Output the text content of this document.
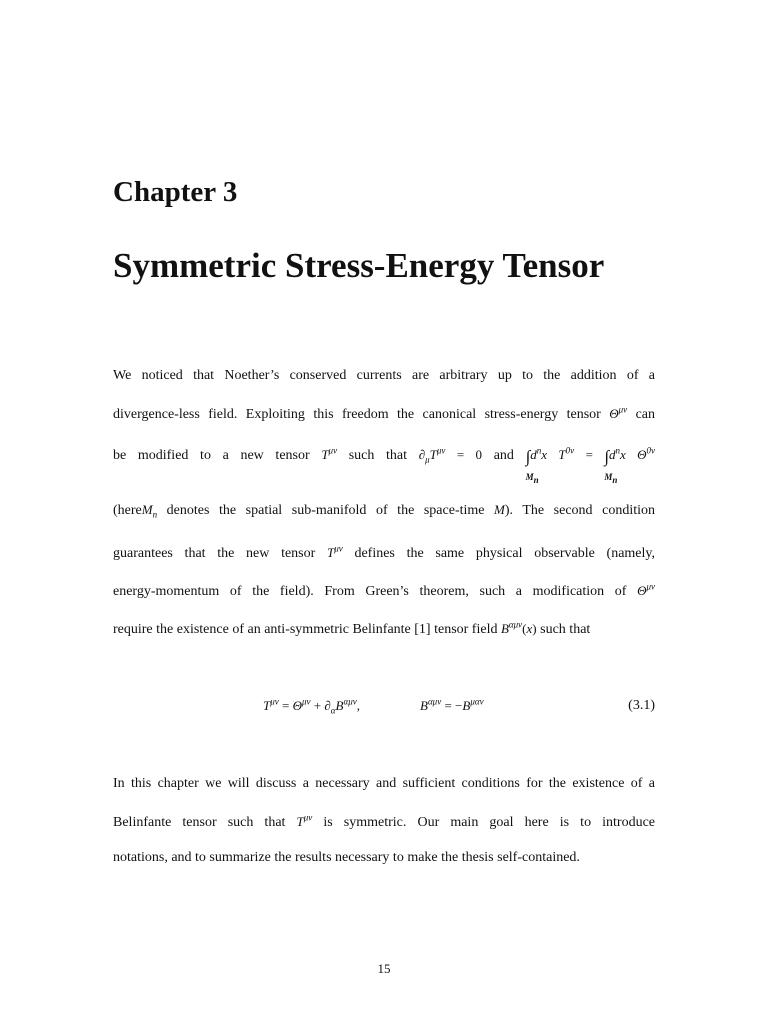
Chapter 3
Symmetric Stress-Energy Tensor
We noticed that Noether’s conserved currents are arbitrary up to the addition of a
divergence-less field. Exploiting this freedom the canonical stress-energy tensor $\Theta^{\mu\nu}$ can
be modified to a new tensor $T^{\mu\nu}$ such that $\partial_\mu T^{\mu\nu} = 0$ and ∫
$M_n$
$d^nx$ $T^{0\nu}$ = ∫
$M_n$
$d^nx$ $\Theta^{0\nu}$
(hereM$_n$ denotes the spatial sub-manifold of the space-time M). The second condition
guarantees that the new tensor $T^{\mu\nu}$ defines the same physical observable (namely,
energy-momentum of the field). From Green’s theorem, such a modification of $\Theta^{\mu\nu}$
require the existence of an anti-symmetric Belinfante [1] tensor field $B^{\alpha\mu\nu}(x)$ such that
$T^{\mu\nu} = \Theta^{\mu\nu} + \partial_\alpha B^{\alpha\mu\nu}$,	$B^{\alpha\mu\nu} = -B^{\mu\alpha\nu}$	(3.1)
In this chapter we will discuss a necessary and sufficient conditions for the existence of a
Belinfante tensor such that $T^{\mu\nu}$ is symmetric. Our main goal here is to introduce
notations, and to summarize the results necessary to make the thesis self-contained.
15
